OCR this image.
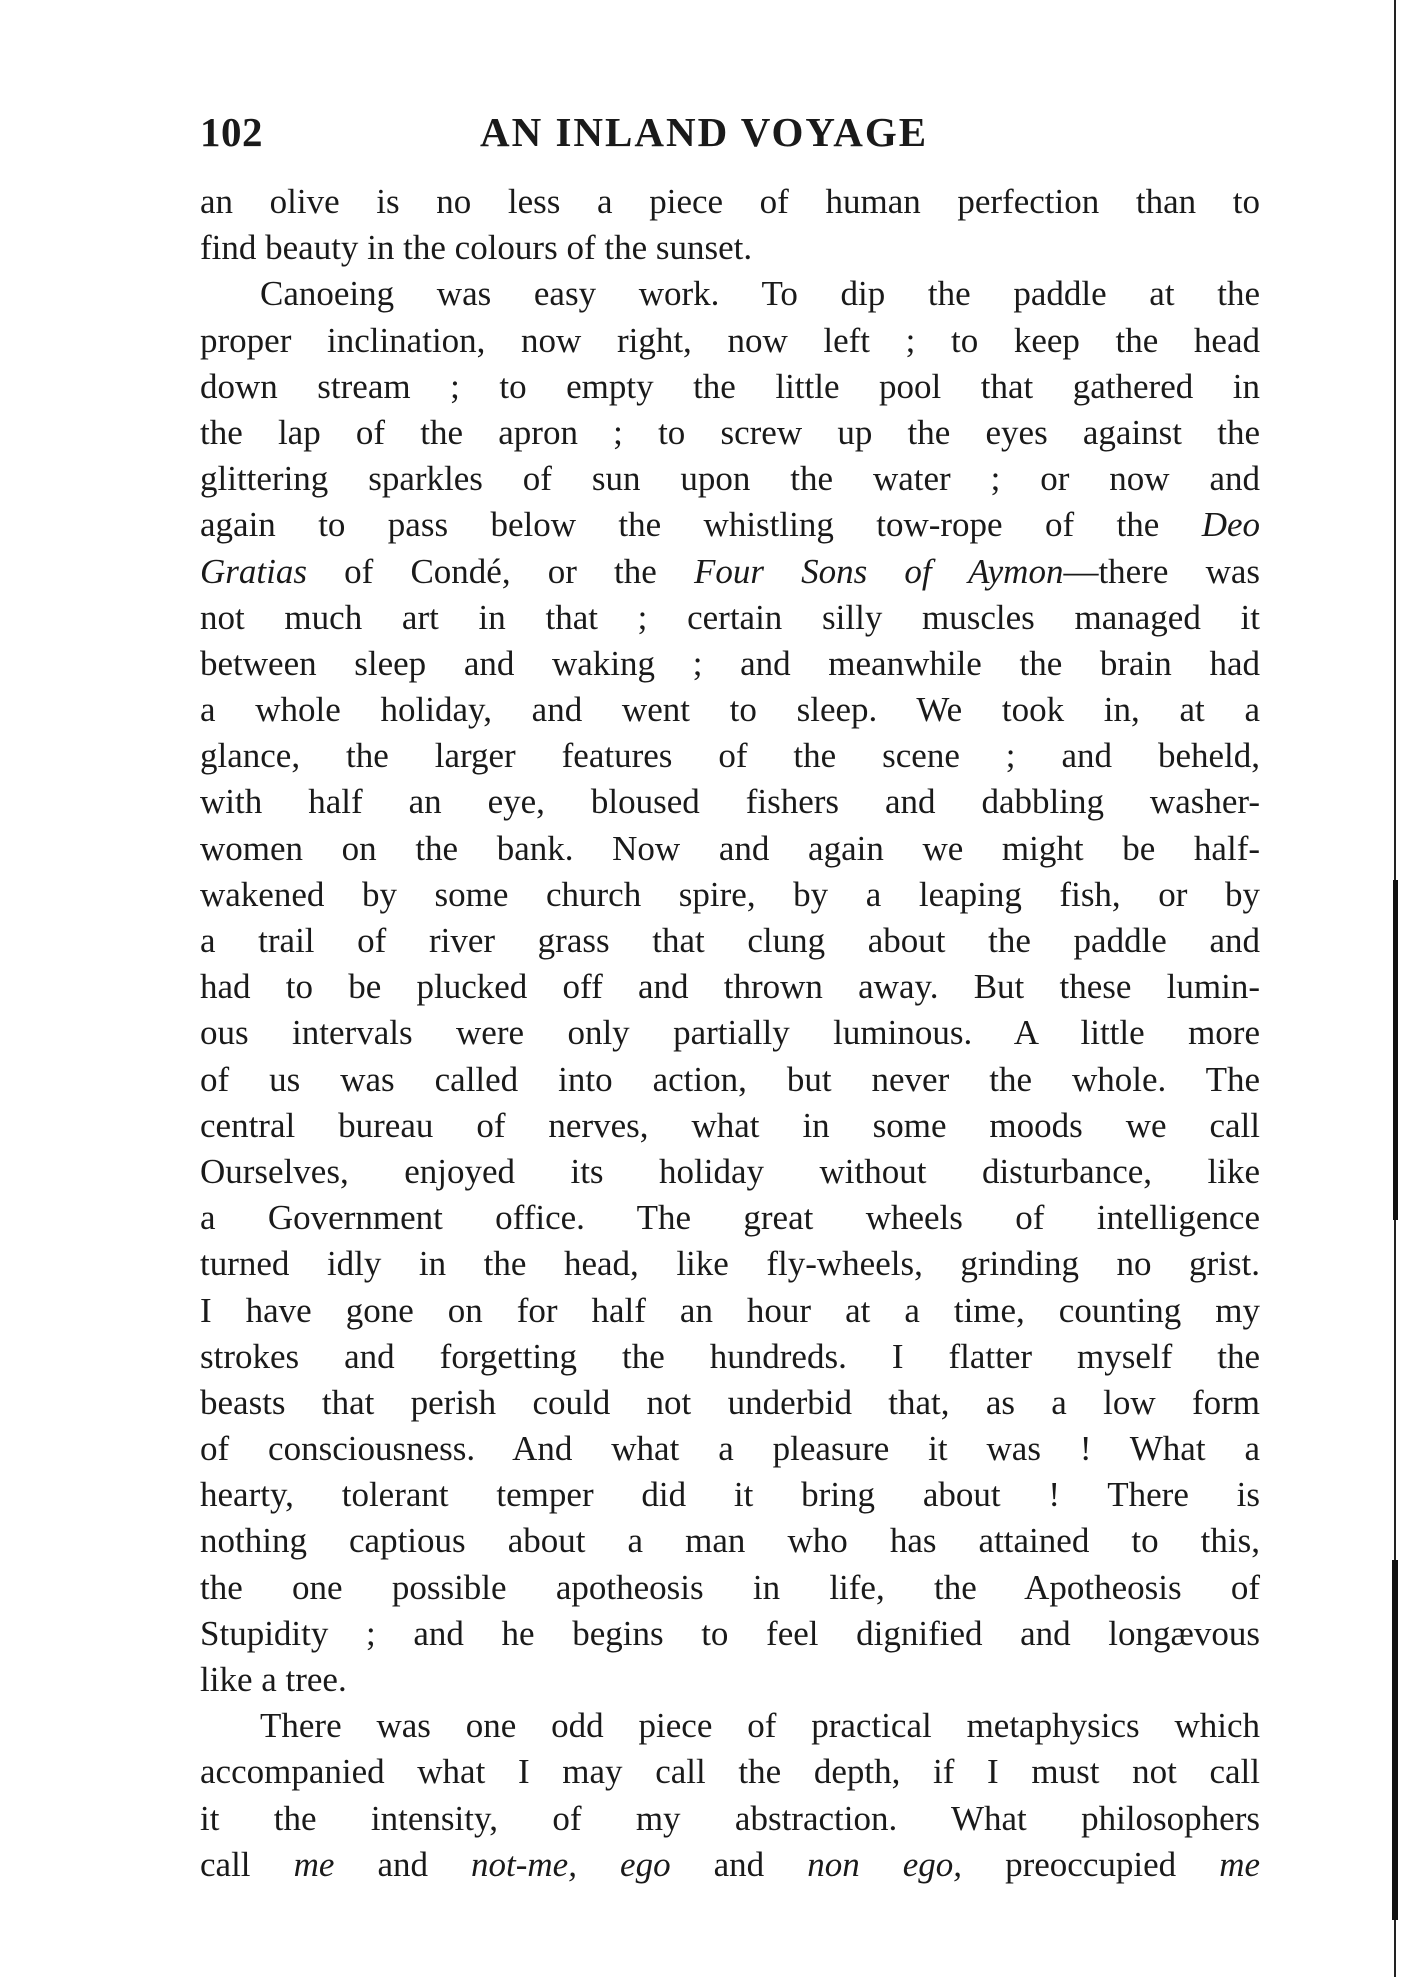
102	AN INLAND VOYAGE
an olive is no less a piece of human perfection than to
find beauty in the colours of the sunset.
Canoeing was easy work. To dip the paddle at the
proper inclination, now right, now left ; to keep the head
down stream ; to empty the little pool that gathered in
the lap of the apron ; to screw up the eyes against the
glittering sparkles of sun upon the water ; or now and
again to pass below the whistling tow-rope of the Deo
Gratias of Condé, or the Four Sons of Aymon—there was
not much art in that ; certain silly muscles managed it
between sleep and waking ; and meanwhile the brain had
a whole holiday, and went to sleep. We took in, at a
glance, the larger features of the scene ; and beheld,
with half an eye, bloused fishers and dabbling washer-
women on the bank. Now and again we might be half-
wakened by some church spire, by a leaping fish, or by
a trail of river grass that clung about the paddle and
had to be plucked off and thrown away. But these lumin-
ous intervals were only partially luminous. A little more
of us was called into action, but never the whole. The
central bureau of nerves, what in some moods we call
Ourselves, enjoyed its holiday without disturbance, like
a Government office. The great wheels of intelligence
turned idly in the head, like fly-wheels, grinding no grist.
I have gone on for half an hour at a time, counting my
strokes and forgetting the hundreds. I flatter myself the
beasts that perish could not underbid that, as a low form
of consciousness. And what a pleasure it was ! What a
hearty, tolerant temper did it bring about ! There is
nothing captious about a man who has attained to this,
the one possible apotheosis in life, the Apotheosis of
Stupidity ; and he begins to feel dignified and longævous
like a tree.
There was one odd piece of practical metaphysics which
accompanied what I may call the depth, if I must not call
it the intensity, of my abstraction. What philosophers
call me and not-me, ego and non ego, preoccupied me
